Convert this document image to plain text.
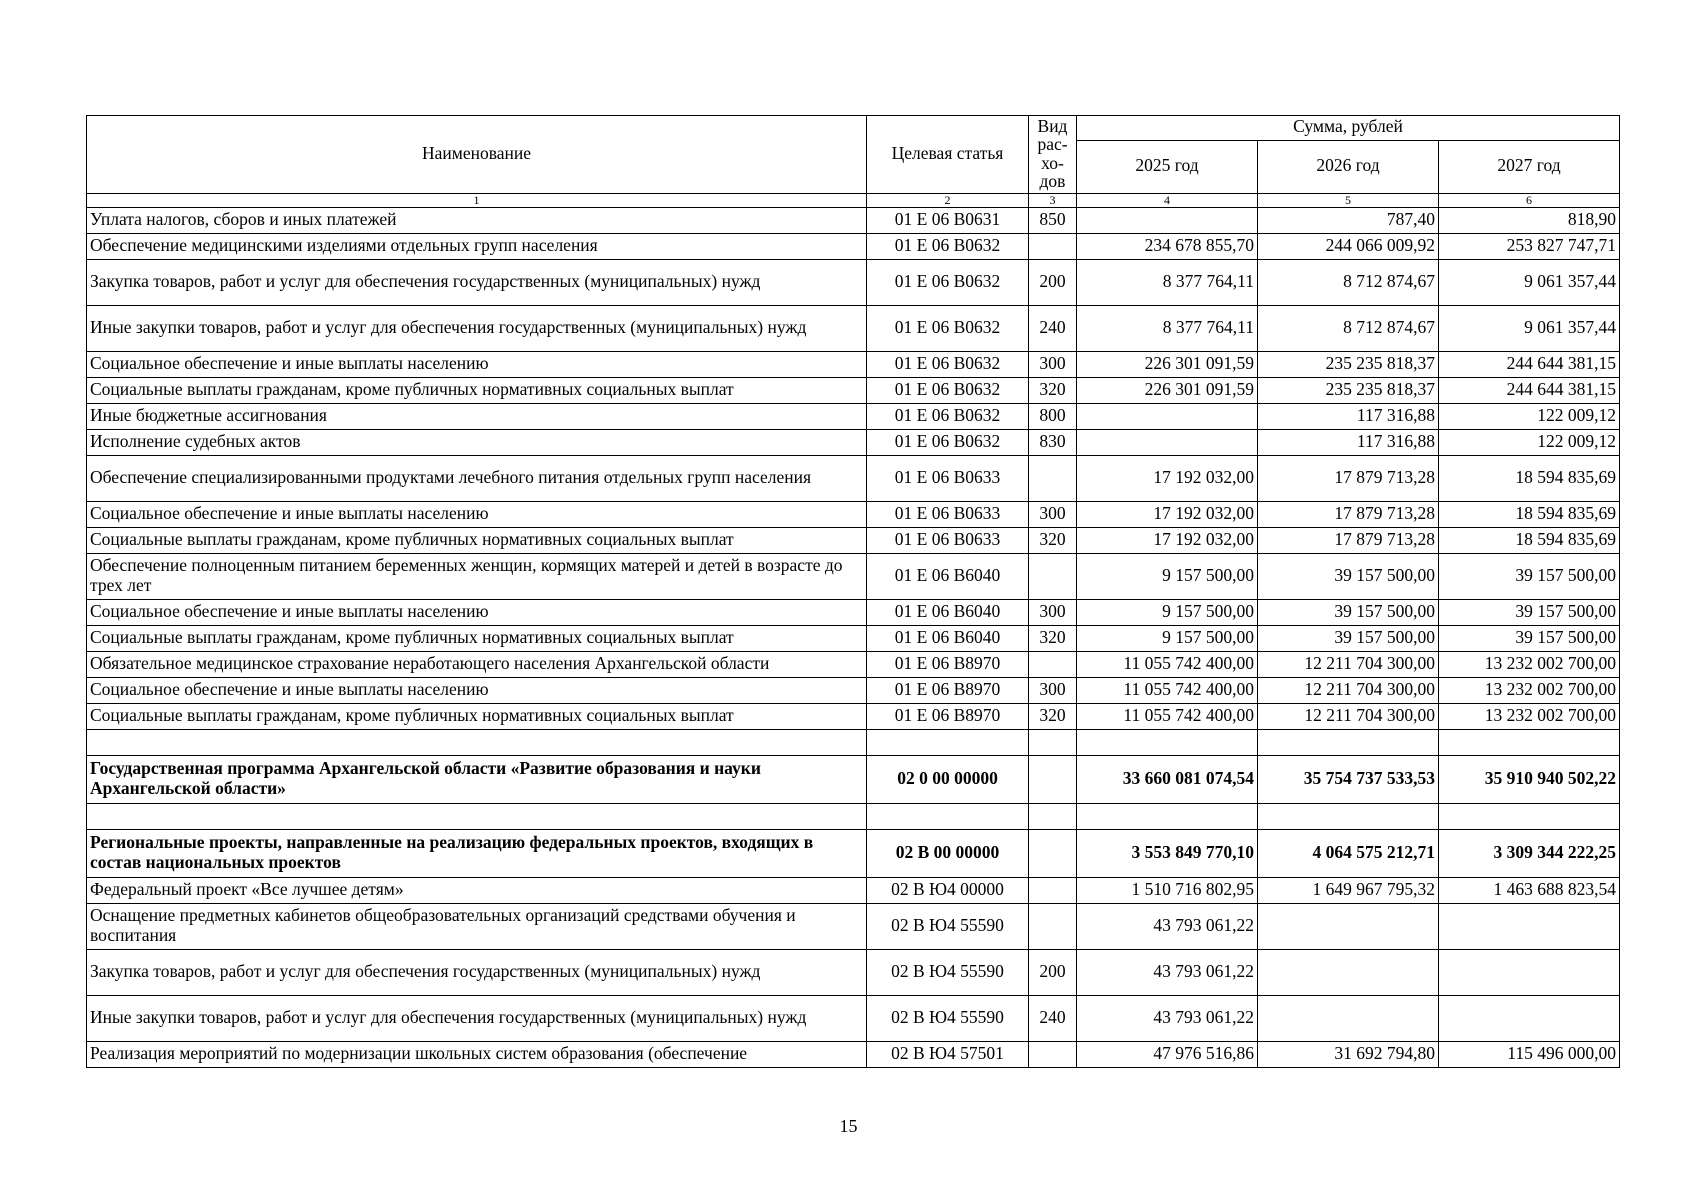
Наименование	Целевая статья	Вид рас-хо-дов	Сумма, рублей		
			2025 год	2026 год	2027 год
1	2	3	4	5	6
Уплата налогов, сборов и иных платежей	01 Е 06 В0631	850		787,40	818,90
Обеспечение медицинскими изделиями отдельных групп населения	01 Е 06 В0632		234 678 855,70	244 066 009,92	253 827 747,71
Закупка товаров, работ и услуг для обеспечения государственных (муниципальных) нужд	01 Е 06 В0632	200	8 377 764,11	8 712 874,67	9 061 357,44
Иные закупки товаров, работ и услуг для обеспечения государственных (муниципальных) нужд	01 Е 06 В0632	240	8 377 764,11	8 712 874,67	9 061 357,44
Социальное обеспечение и иные выплаты населению	01 Е 06 В0632	300	226 301 091,59	235 235 818,37	244 644 381,15
Социальные выплаты гражданам, кроме публичных нормативных социальных выплат	01 Е 06 В0632	320	226 301 091,59	235 235 818,37	244 644 381,15
Иные бюджетные ассигнования	01 Е 06 В0632	800		117 316,88	122 009,12
Исполнение судебных актов	01 Е 06 В0632	830		117 316,88	122 009,12
Обеспечение специализированными продуктами лечебного питания отдельных групп населения	01 Е 06 В0633		17 192 032,00	17 879 713,28	18 594 835,69
Социальное обеспечение и иные выплаты населению	01 Е 06 В0633	300	17 192 032,00	17 879 713,28	18 594 835,69
Социальные выплаты гражданам, кроме публичных нормативных социальных выплат	01 Е 06 В0633	320	17 192 032,00	17 879 713,28	18 594 835,69
Обеспечение полноценным питанием беременных женщин, кормящих матерей и детей в возрасте до трех лет	01 Е 06 В6040		9 157 500,00	39 157 500,00	39 157 500,00
Социальное обеспечение и иные выплаты населению	01 Е 06 В6040	300	9 157 500,00	39 157 500,00	39 157 500,00
Социальные выплаты гражданам, кроме публичных нормативных социальных выплат	01 Е 06 В6040	320	9 157 500,00	39 157 500,00	39 157 500,00
Обязательное медицинское страхование неработающего населения Архангельской области	01 Е 06 В8970		11 055 742 400,00	12 211 704 300,00	13 232 002 700,00
Социальное обеспечение и иные выплаты населению	01 Е 06 В8970	300	11 055 742 400,00	12 211 704 300,00	13 232 002 700,00
Социальные выплаты гражданам, кроме публичных нормативных социальных выплат	01 Е 06 В8970	320	11 055 742 400,00	12 211 704 300,00	13 232 002 700,00

Государственная программа Архангельской области «Развитие образования и науки Архангельской области»	02 0 00 00000		33 660 081 074,54	35 754 737 533,53	35 910 940 502,22

Региональные проекты, направленные на реализацию федеральных проектов, входящих в состав национальных проектов	02 В 00 00000		3 553 849 770,10	4 064 575 212,71	3 309 344 222,25
Федеральный проект «Все лучшее детям»	02 В Ю4 00000		1 510 716 802,95	1 649 967 795,32	1 463 688 823,54
Оснащение предметных кабинетов общеобразовательных организаций средствами обучения и воспитания	02 В Ю4 55590		43 793 061,22		
Закупка товаров, работ и услуг для обеспечения государственных (муниципальных) нужд	02 В Ю4 55590	200	43 793 061,22		
Иные закупки товаров, работ и услуг для обеспечения государственных (муниципальных) нужд	02 В Ю4 55590	240	43 793 061,22		
Реализация мероприятий по модернизации школьных систем образования (обеспечение	02 В Ю4 57501		47 976 516,86	31 692 794,80	115 496 000,00
15
